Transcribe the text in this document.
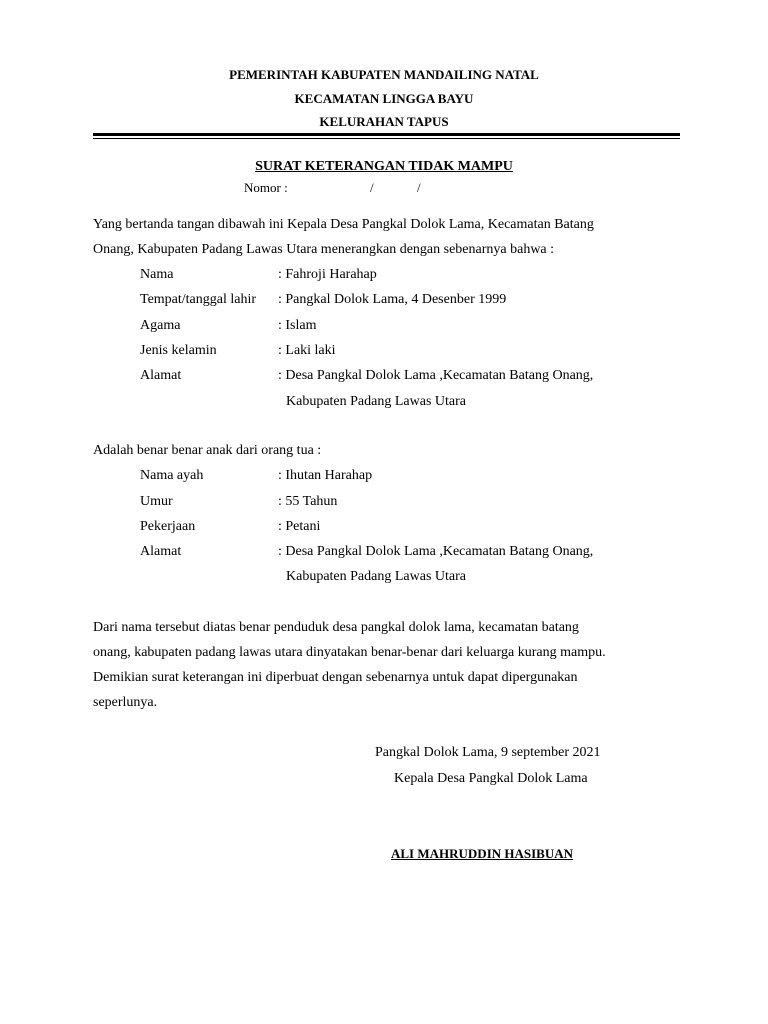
PEMERINTAH KABUPATEN MANDAILING NATAL
KECAMATAN LINGGA BAYU
KELURAHAN TAPUS
SURAT KETERANGAN TIDAK MAMPU
Nomor :	/	/
Yang bertanda tangan dibawah ini Kepala Desa Pangkal Dolok Lama, Kecamatan Batang
Onang, Kabupaten Padang Lawas Utara menerangkan dengan sebenarnya bahwa :
Nama	: Fahroji Harahap
Tempat/tanggal lahir : Pangkal Dolok Lama, 4 Desenber 1999
Agama	: Islam
Jenis kelamin	: Laki laki
Alamat	: Desa Pangkal Dolok Lama ,Kecamatan Batang Onang,
Kabupaten Padang Lawas Utara
Adalah benar benar anak dari orang tua :
Nama ayah	: Ihutan Harahap
Umur	: 55 Tahun
Pekerjaan	: Petani
Alamat	: Desa Pangkal Dolok Lama ,Kecamatan Batang Onang,
Kabupaten Padang Lawas Utara
Dari nama tersebut diatas benar penduduk desa pangkal dolok lama, kecamatan batang
onang, kabupaten padang lawas utara dinyatakan benar-benar dari keluarga kurang mampu.
Demikian surat keterangan ini diperbuat dengan sebenarnya untuk dapat dipergunakan
seperlunya.
Pangkal Dolok Lama, 9 september 2021
Kepala Desa Pangkal Dolok Lama
ALI MAHRUDDIN HASIBUAN
